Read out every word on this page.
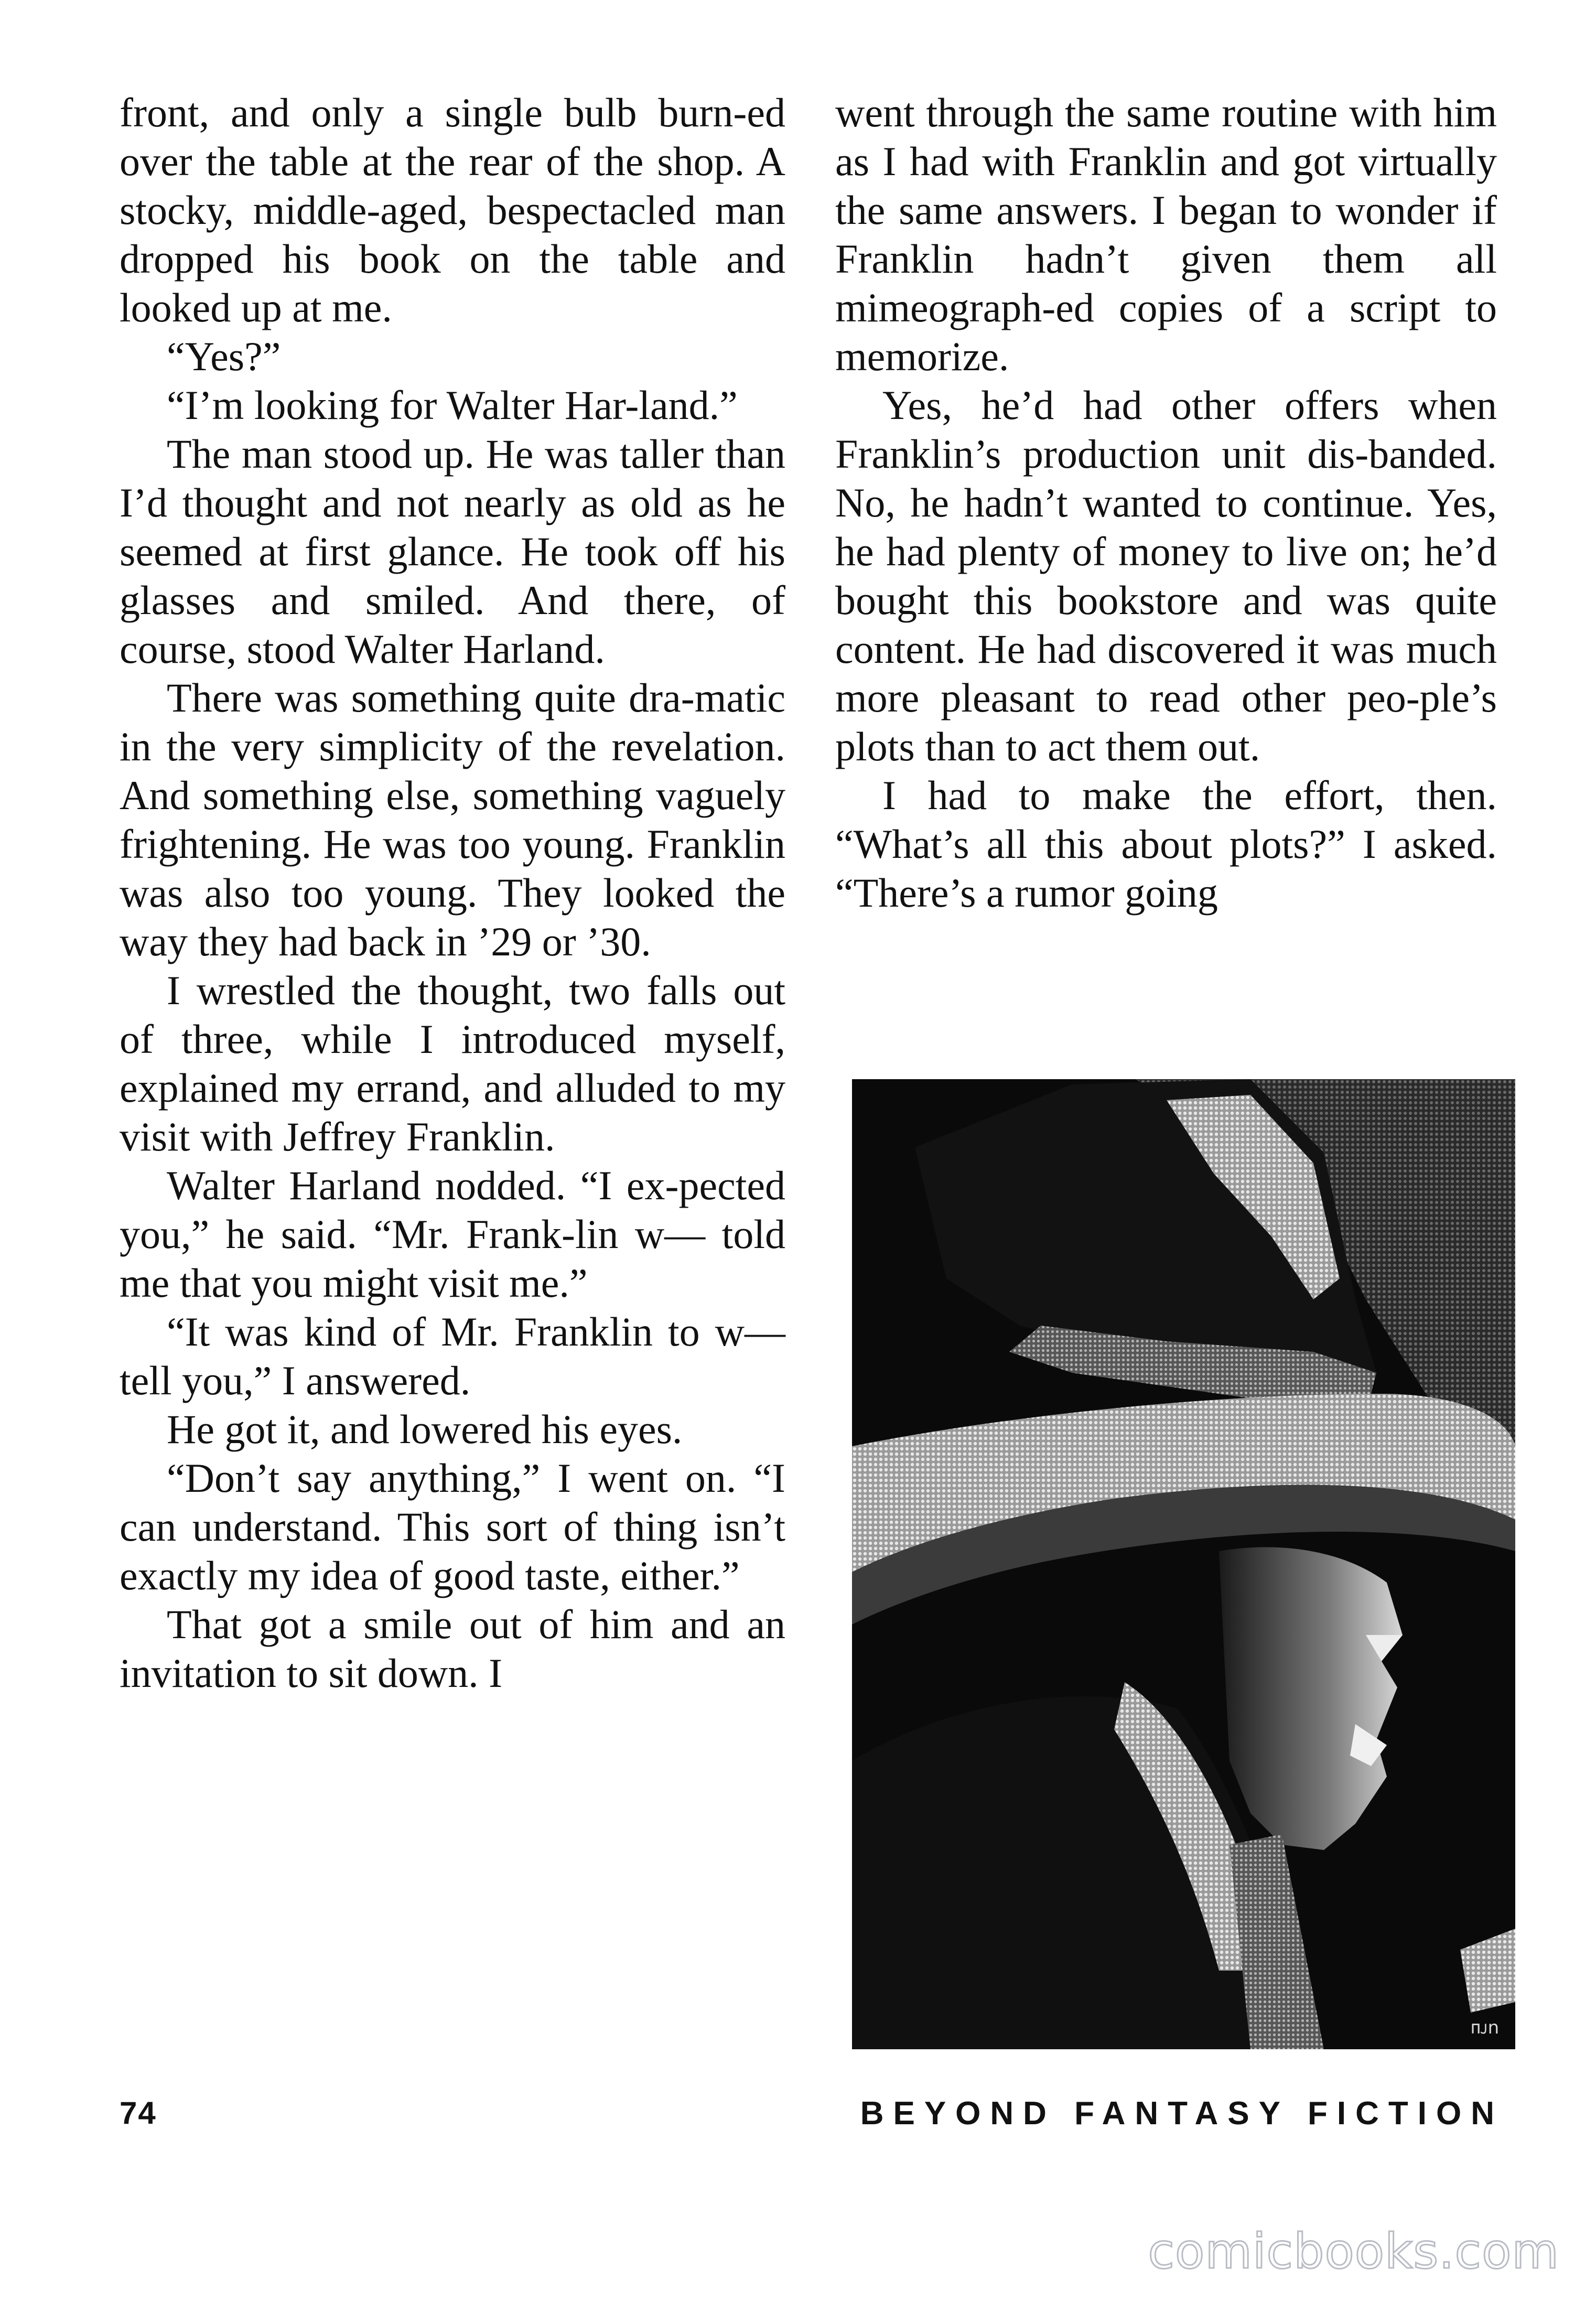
front, and only a single bulb burn-ed over the table at the rear of the shop. A stocky, middle-aged, bespectacled man dropped his book on the table and looked up at me.

“Yes?”

“I’m looking for Walter Har-land.”

The man stood up. He was taller than I’d thought and not nearly as old as he seemed at first glance. He took off his glasses and smiled. And there, of course, stood Walter Harland.

There was something quite dra-matic in the very simplicity of the revelation. And something else, something vaguely frightening. He was too young. Franklin was also too young. They looked the way they had back in ’29 or ’30.

I wrestled the thought, two falls out of three, while I introduced myself, explained my errand, and alluded to my visit with Jeffrey Franklin.

Walter Harland nodded. “I ex-pected you,” he said. “Mr. Frank-lin w— told me that you might visit me.”

“It was kind of Mr. Franklin to w— tell you,” I answered.

He got it, and lowered his eyes.

“Don’t say anything,” I went on. “I can understand. This sort of thing isn’t exactly my idea of good taste, either.”

That got a smile out of him and an invitation to sit down. I

went through the same routine with him as I had with Franklin and got virtually the same answers. I began to wonder if Franklin hadn’t given them all mimeograph-ed copies of a script to memorize.

Yes, he’d had other offers when Franklin’s production unit dis-banded. No, he hadn’t wanted to continue. Yes, he had plenty of money to live on; he’d bought this bookstore and was quite content. He had discovered it was much more pleasant to read other peo-ple’s plots than to act them out.

I had to make the effort, then. “What’s all this about plots?” I asked. “There’s a rumor going

ᴨᴊn
74	BEYOND FANTASY FICTION
comicbooks.com
